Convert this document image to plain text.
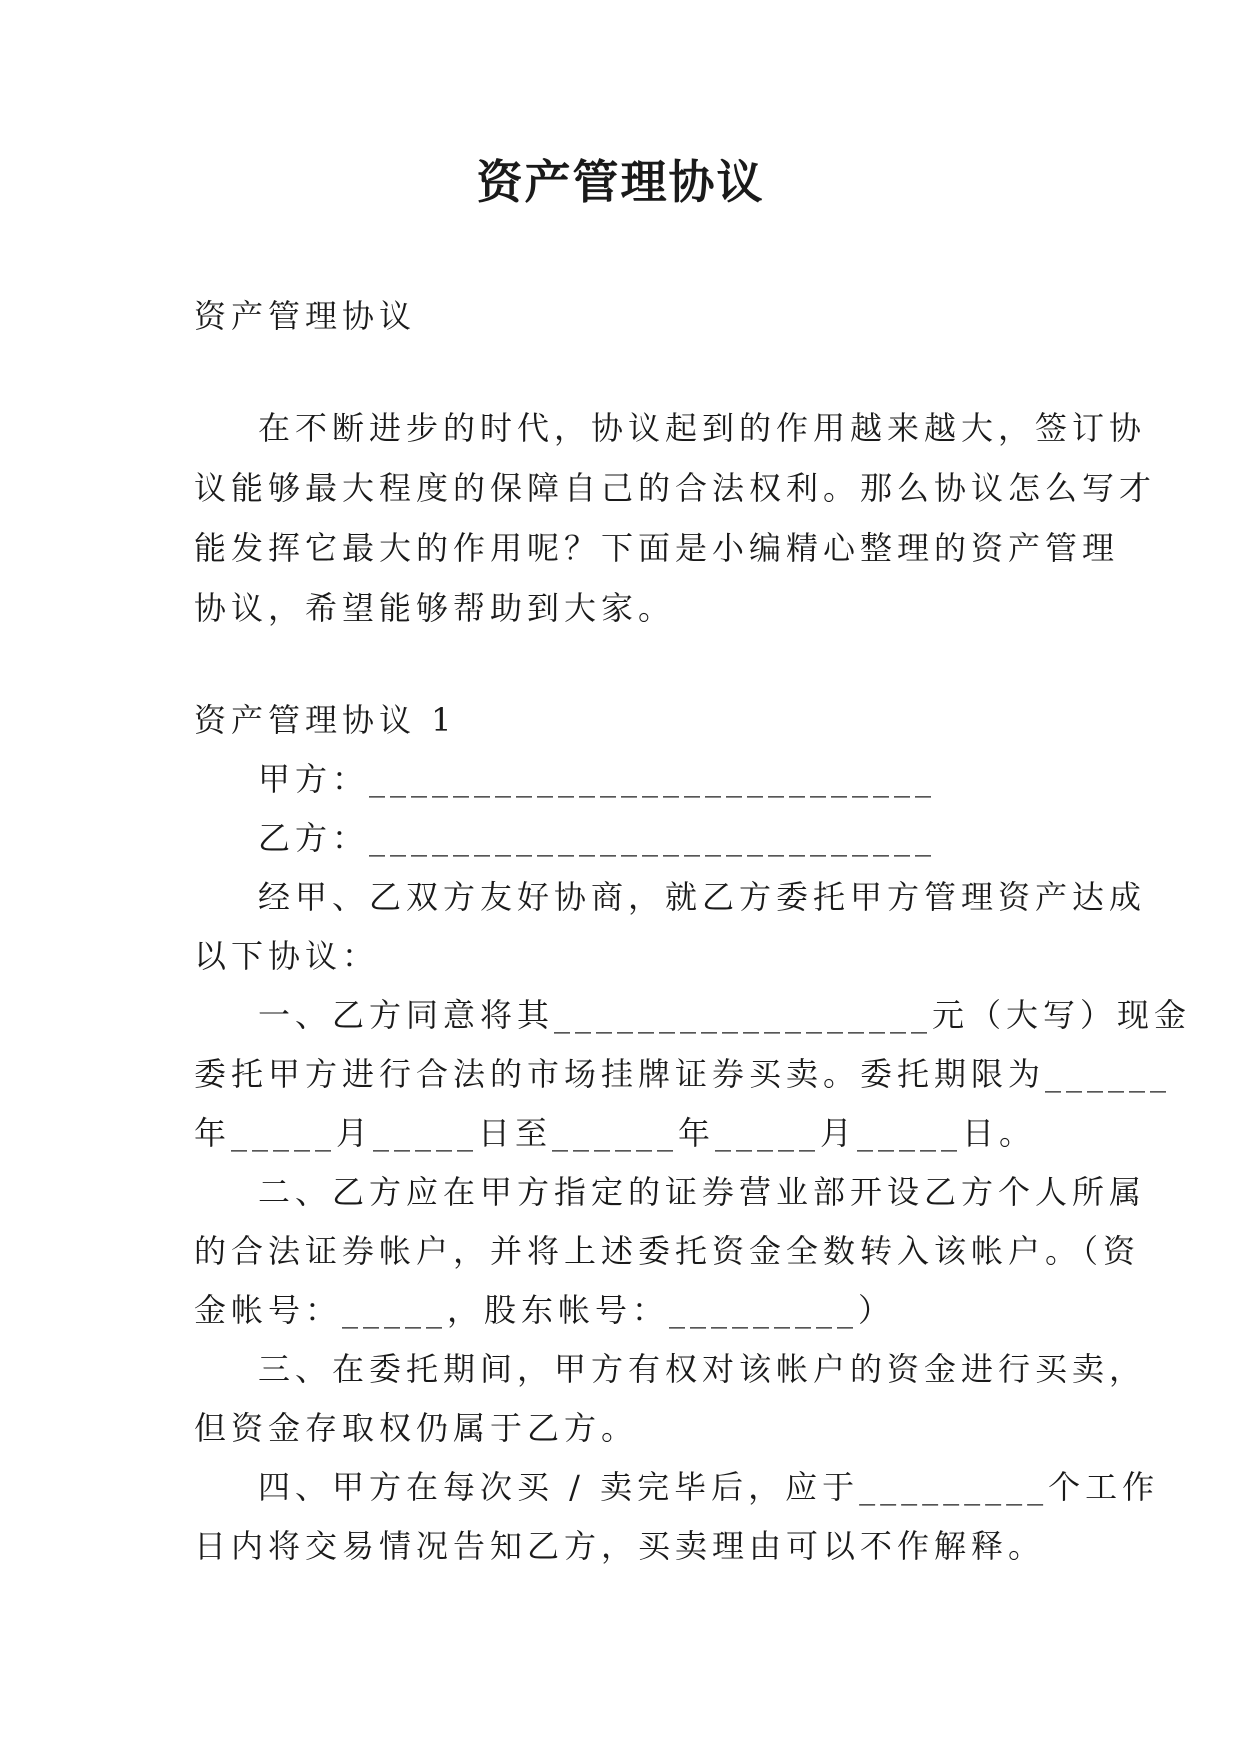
资产管理协议
资产管理协议
在不断进步的时代，协议起到的作用越来越大，签订协
议能够最大程度的保障自己的合法权利。那么协议怎么写才
能发挥它最大的作用呢？下面是小编精心整理的资产管理
协议，希望能够帮助到大家。
资产管理协议 1
甲方：___________________________
乙方：___________________________
经甲、乙双方友好协商，就乙方委托甲方管理资产达成
以下协议：
一、乙方同意将其__________________元（大写）现金
委托甲方进行合法的市场挂牌证券买卖。委托期限为______
年_____月_____日至______年_____月_____日。
二、乙方应在甲方指定的证券营业部开设乙方个人所属
的合法证券帐户，并将上述委托资金全数转入该帐户。（资
金帐号：_____，股东帐号：_________）
三、在委托期间，甲方有权对该帐户的资金进行买卖，
但资金存取权仍属于乙方。
四、甲方在每次买 / 卖完毕后，应于_________个工作
日内将交易情况告知乙方，买卖理由可以不作解释。
